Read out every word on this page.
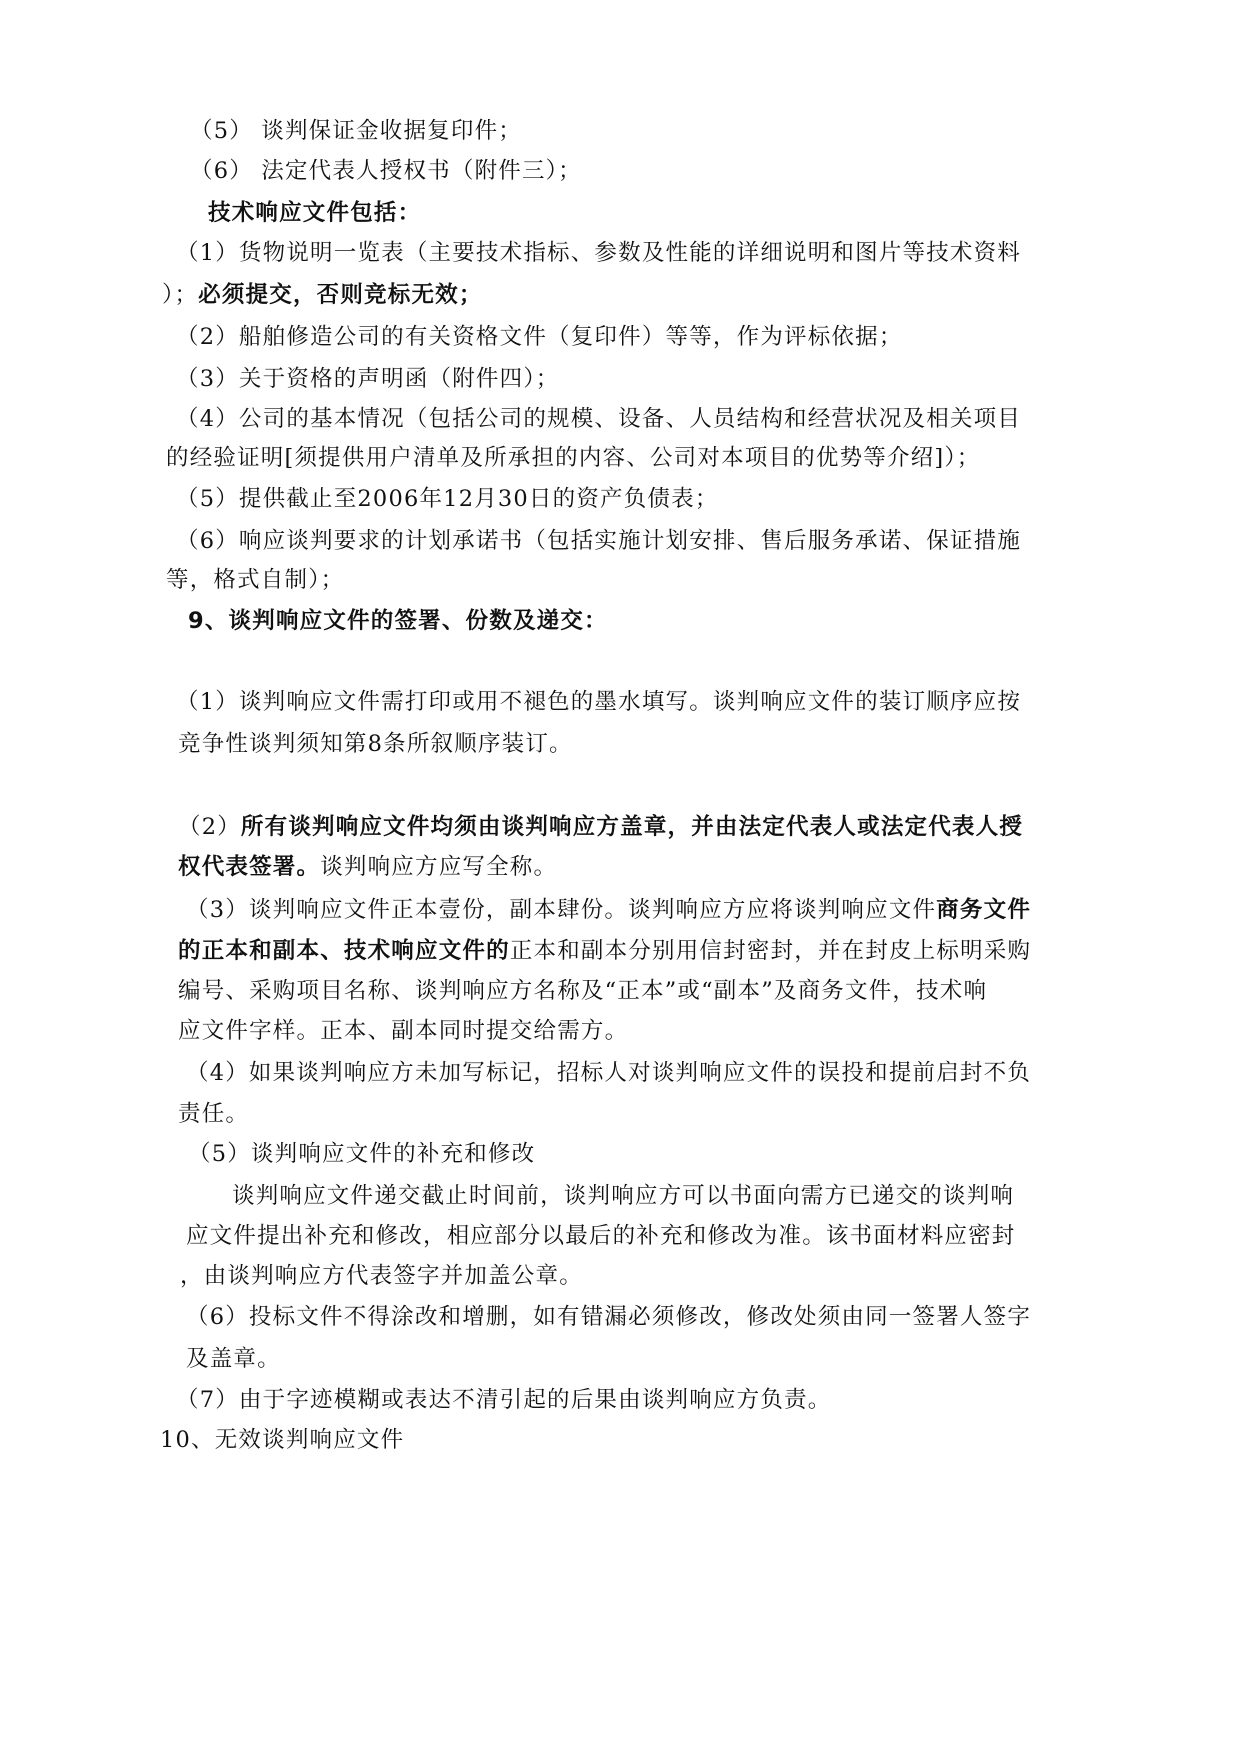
（5） 谈判保证金收据复印件；
（6） 法定代表人授权书（附件三）；
技术响应文件包括：
（1）货物说明一览表（主要技术指标、参数及性能的详细说明和图片等技术资料
）；必须提交，否则竞标无效；
（2）船舶修造公司的有关资格文件（复印件）等等，作为评标依据；
（3）关于资格的声明函（附件四）；
（4）公司的基本情况（包括公司的规模、设备、人员结构和经营状况及相关项目
的经验证明[须提供用户清单及所承担的内容、公司对本项目的优势等介绍]）；
（5）提供截止至2006年12月30日的资产负债表；
（6）响应谈判要求的计划承诺书（包括实施计划安排、售后服务承诺、保证措施
等，格式自制）；
9、谈判响应文件的签署、份数及递交：
（1）谈判响应文件需打印或用不褪色的墨水填写。谈判响应文件的装订顺序应按
竞争性谈判须知第8条所叙顺序装订。
（2）所有谈判响应文件均须由谈判响应方盖章，并由法定代表人或法定代表人授
权代表签署。谈判响应方应写全称。
（3）谈判响应文件正本壹份，副本肆份。谈判响应方应将谈判响应文件商务文件
的正本和副本、技术响应文件的正本和副本分别用信封密封，并在封皮上标明采购
编号、采购项目名称、谈判响应方名称及“正本”或“副本”及商务文件，技术响
应文件字样。正本、副本同时提交给需方。
（4）如果谈判响应方未加写标记，招标人对谈判响应文件的误投和提前启封不负
责任。
（5）谈判响应文件的补充和修改
谈判响应文件递交截止时间前，谈判响应方可以书面向需方已递交的谈判响
应文件提出补充和修改，相应部分以最后的补充和修改为准。该书面材料应密封
，由谈判响应方代表签字并加盖公章。
（6）投标文件不得涂改和增删，如有错漏必须修改，修改处须由同一签署人签字
及盖章。
（7）由于字迹模糊或表达不清引起的后果由谈判响应方负责。
10、无效谈判响应文件
